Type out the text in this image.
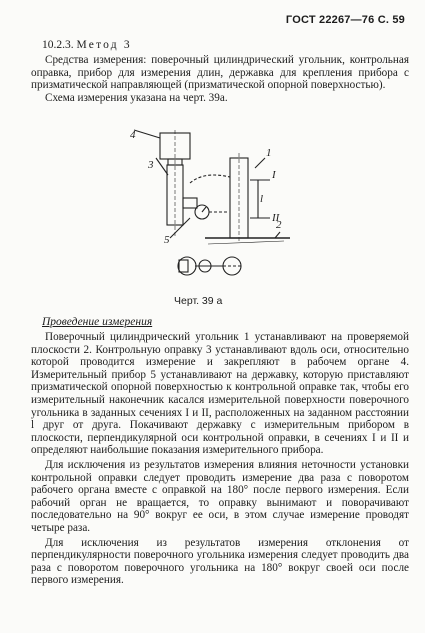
ГОСТ 22267—76 С. 59
10.2.3. Метод 3

Средства измерения: поверочный цилиндрический угольник, контрольная оправка, прибор для измерения длин, державка для крепления прибора с призматической направляющей (призматической опорной поверхностью).

Схема измерения указана на черт. 39а.

4
3
1
2
5
I
II
l
Черт. 39 а
Проведение измерения

Поверочный цилиндрический угольник 1 устанавливают на проверяемой плоскости 2. Контрольную оправку 3 устанавливают вдоль оси, относительно которой проводится измерение и закрепляют в рабочем органе 4. Измерительный прибор 5 устанавливают на державку, которую приставляют призматической опорной поверхностью к контрольной оправке так, чтобы его измерительный наконечник касался измерительной поверхности поверочного угольника в заданных сечениях I и II, расположенных на заданном расстоянии l друг от друга. Покачивают державку с измерительным прибором в плоскости, перпендикулярной оси контрольной оправки, в сечениях I и II и определяют наибольшие показания измерительного прибора.

Для исключения из результатов измерения влияния неточности установки контрольной оправки следует проводить измерение два раза с поворотом рабочего органа вместе с оправкой на 180° после первого измерения. Если рабочий орган не вращается, то оправку вынимают и поворачивают последовательно на 90° вокруг ее оси, в этом случае измерение проводят четыре раза.

Для исключения из результатов измерения отклонения от перпендикулярности поверочного угольника измерения следует проводить два раза с поворотом поверочного угольника на 180° вокруг своей оси после первого измерения.
